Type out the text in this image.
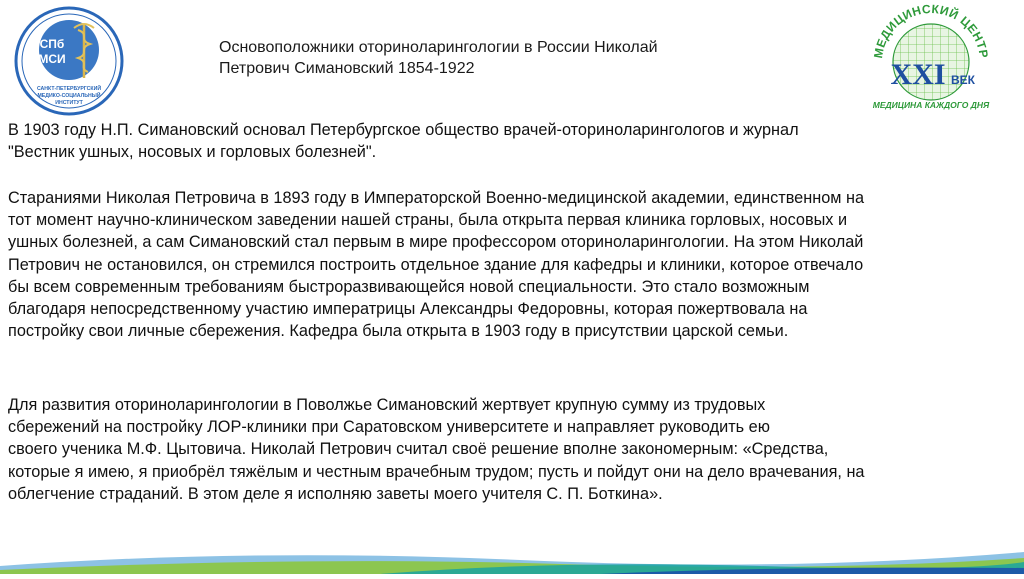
СПб
МСИ
САНКТ-ПЕТЕРБУРГСКИЙ
МЕДИКО-СОЦИАЛЬНЫЙ
ИНСТИТУТ
Основоположники оториноларингологии в России Николай
Петрович Симановский 1854-1922
МЕДИЦИНСКИЙ ЦЕНТР
XXI ВЕК
МЕДИЦИНА КАЖДОГО ДНЯ
В 1903 году Н.П. Симановский основал Петербургское общество врачей-оториноларингологов и журнал
"Вестник ушных, носовых и горловых болезней".
Стараниями Николая Петровича в 1893 году в Императорской Военно-медицинской академии, единственном на
тот момент научно-клиническом заведении нашей страны, была открыта первая клиника горловых, носовых и
ушных болезней, а сам Симановский стал первым в мире профессором оториноларингологии. На этом Николай
Петрович не остановился, он стремился построить отдельное здание для кафедры и клиники, которое отвечало
бы всем современным требованиям быстроразвивающейся новой специальности. Это стало возможным
благодаря непосредственному участию императрицы Александры Федоровны, которая пожертвовала на
постройку свои личные сбережения. Кафедра была открыта в 1903 году в присутствии царской семьи.
Для развития оториноларингологии в Поволжье Симановский жертвует крупную сумму из трудовых
сбережений на постройку ЛОР-клиники при Саратовском университете и направляет руководить ею
своего ученика М.Ф. Цытовича. Николай Петрович считал своё решение вполне закономерным: «Средства,
которые я имею, я приобрёл тяжёлым и честным врачебным трудом; пусть и пойдут они на дело врачевания, на
облегчение страданий. В этом деле я исполняю заветы моего учителя С. П. Боткина».
